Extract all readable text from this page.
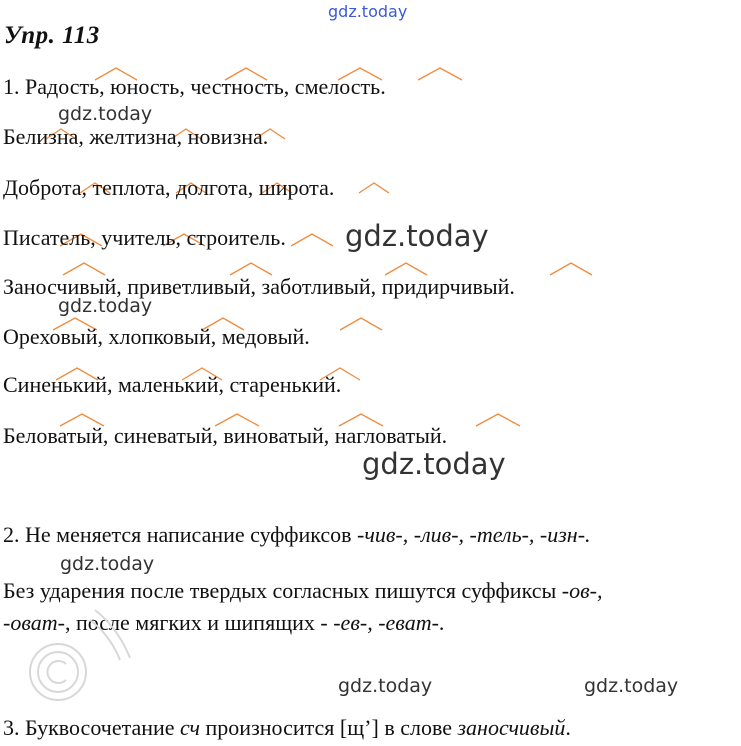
gdz.today
Упр. 113
1. Радость, юность, честность, смелость.
Белизна, желтизна, новизна.
Доброта, теплота, долгота, широта.
Писатель, учитель, строитель.
Заносчивый, приветливый, заботливый, придирчивый.
Ореховый, хлопковый, медовый.
Синенький, маленький, старенький.
Беловатый, синеватый, виноватый, нагловатый.
2. Не меняется написание суффиксов -чив-, -лив-, -тель-, -изн-.
Без ударения после твердых согласных пишутся суффиксы -ов-,
-оват-, после мягких и шипящих - -ев-, -еват-.
3. Буквосочетание сч произносится [щ’] в слове заносчивый.
gdz.today
gdz.today
gdz.today
gdz.today
gdz.today
gdz.today	gdz.today
